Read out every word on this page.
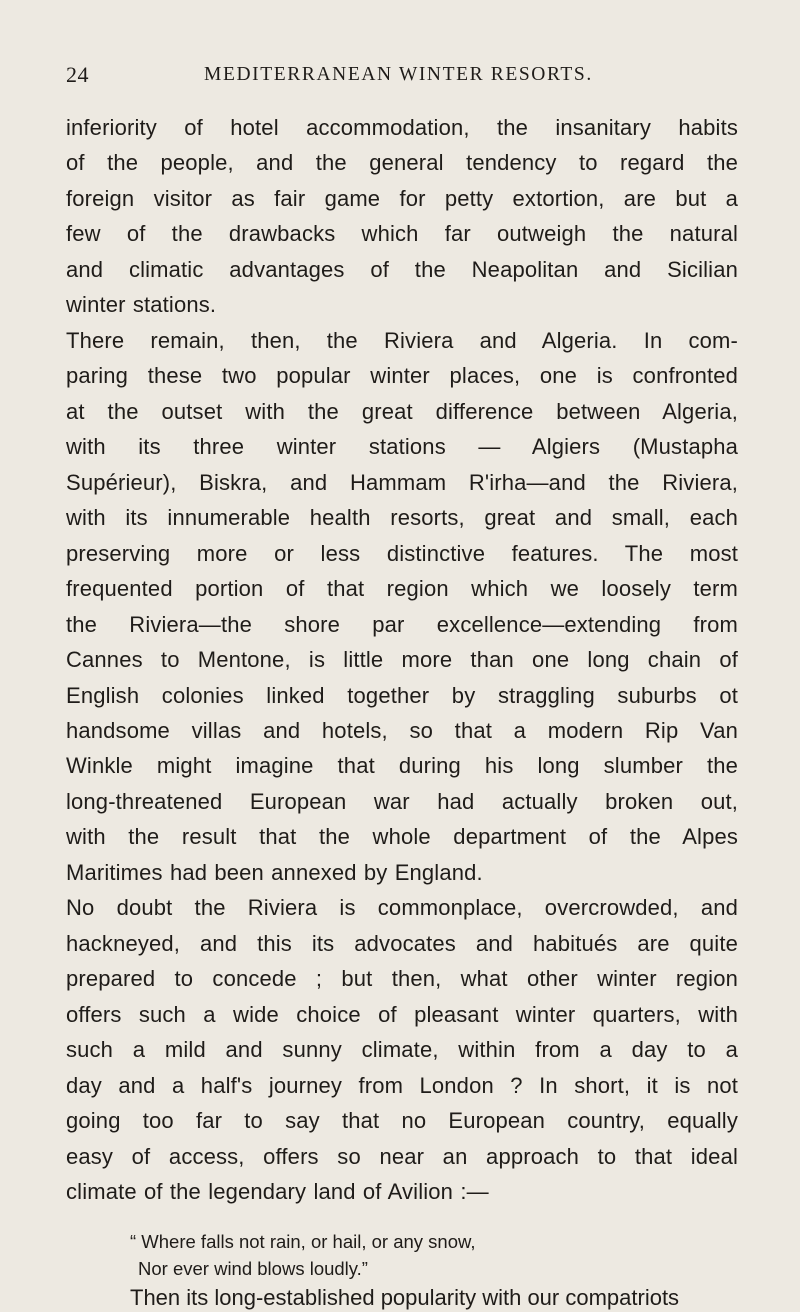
24	MEDITERRANEAN WINTER RESORTS.
inferiority of hotel accommodation, the insanitary habits
of the people, and the general tendency to regard the
foreign visitor as fair game for petty extortion, are but a
few of the drawbacks which far outweigh the natural
and climatic advantages of the Neapolitan and Sicilian
winter stations.
There remain, then, the Riviera and Algeria. In com-
paring these two popular winter places, one is confronted
at the outset with the great difference between Algeria,
with its three winter stations — Algiers (Mustapha
Supérieur), Biskra, and Hammam R'irha—and the Riviera,
with its innumerable health resorts, great and small, each
preserving more or less distinctive features. The most
frequented portion of that region which we loosely term
the Riviera—the shore par excellence—extending from
Cannes to Mentone, is little more than one long chain of
English colonies linked together by straggling suburbs ot
handsome villas and hotels, so that a modern Rip Van
Winkle might imagine that during his long slumber the
long-threatened European war had actually broken out,
with the result that the whole department of the Alpes
Maritimes had been annexed by England.
No doubt the Riviera is commonplace, overcrowded, and
hackneyed, and this its advocates and habitués are quite
prepared to concede ; but then, what other winter region
offers such a wide choice of pleasant winter quarters, with
such a mild and sunny climate, within from a day to a
day and a half's journey from London ? In short, it is not
going too far to say that no European country, equally
easy of access, offers so near an approach to that ideal
climate of the legendary land of Avilion :—
“ Where falls not rain, or hail, or any snow,
Nor ever wind blows loudly.”
Then its long-established popularity with our compatriots
